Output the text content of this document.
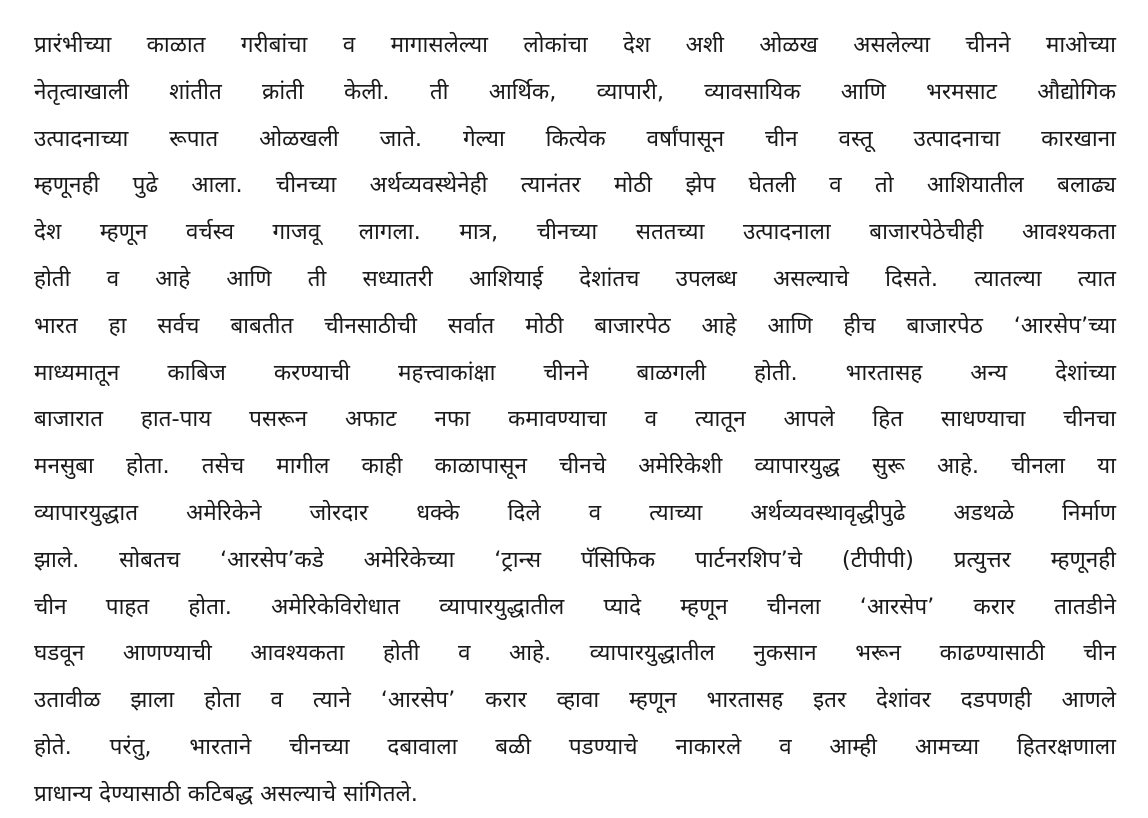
प्रारंभीच्या काळात गरीबांचा व मागासलेल्या लोकांचा देश अशी ओळख असलेल्या चीनने माओच्या
नेतृत्वाखाली शांतीत क्रांती केली. ती आर्थिक, व्यापारी, व्यावसायिक आणि भरमसाट औद्योगिक
उत्पादनाच्या रूपात ओळखली जाते. गेल्या कित्येक वर्षांपासून चीन वस्तू उत्पादनाचा कारखाना
म्हणूनही पुढे आला. चीनच्या अर्थव्यवस्थेनेही त्यानंतर मोठी झेप घेतली व तो आशियातील बलाढ्य
देश म्हणून वर्चस्व गाजवू लागला. मात्र, चीनच्या सततच्या उत्पादनाला बाजारपेठेचीही आवश्यकता
होती व आहे आणि ती सध्यातरी आशियाई देशांतच उपलब्ध असल्याचे दिसते. त्यातल्या त्यात
भारत हा सर्वच बाबतीत चीनसाठीची सर्वात मोठी बाजारपेठ आहे आणि हीच बाजारपेठ ‘आरसेप’च्या
माध्यमातून काबिज करण्याची महत्त्वाकांक्षा चीनने बाळगली होती. भारतासह अन्य देशांच्या
बाजारात हात-पाय पसरून अफाट नफा कमावण्याचा व त्यातून आपले हित साधण्याचा चीनचा
मनसुबा होता. तसेच मागील काही काळापासून चीनचे अमेरिकेशी व्यापारयुद्ध सुरू आहे. चीनला या
व्यापारयुद्धात अमेरिकेने जोरदार धक्के दिले व त्याच्या अर्थव्यवस्थावृद्धीपुढे अडथळे निर्माण
झाले. सोबतच ‘आरसेप’कडे अमेरिकेच्या ‘ट्रान्स पॅसिफिक पार्टनरशिप’चे (टीपीपी) प्रत्युत्तर म्हणूनही
चीन पाहत होता. अमेरिकेविरोधात व्यापारयुद्धातील प्यादे म्हणून चीनला ‘आरसेप’ करार तातडीने
घडवून आणण्याची आवश्यकता होती व आहे. व्यापारयुद्धातील नुकसान भरून काढण्यासाठी चीन
उतावीळ झाला होता व त्याने ‘आरसेप’ करार व्हावा म्हणून भारतासह इतर देशांवर दडपणही आणले
होते. परंतु, भारताने चीनच्या दबावाला बळी पडण्याचे नाकारले व आम्ही आमच्या हितरक्षणाला
प्राधान्य देण्यासाठी कटिबद्ध असल्याचे सांगितले.
